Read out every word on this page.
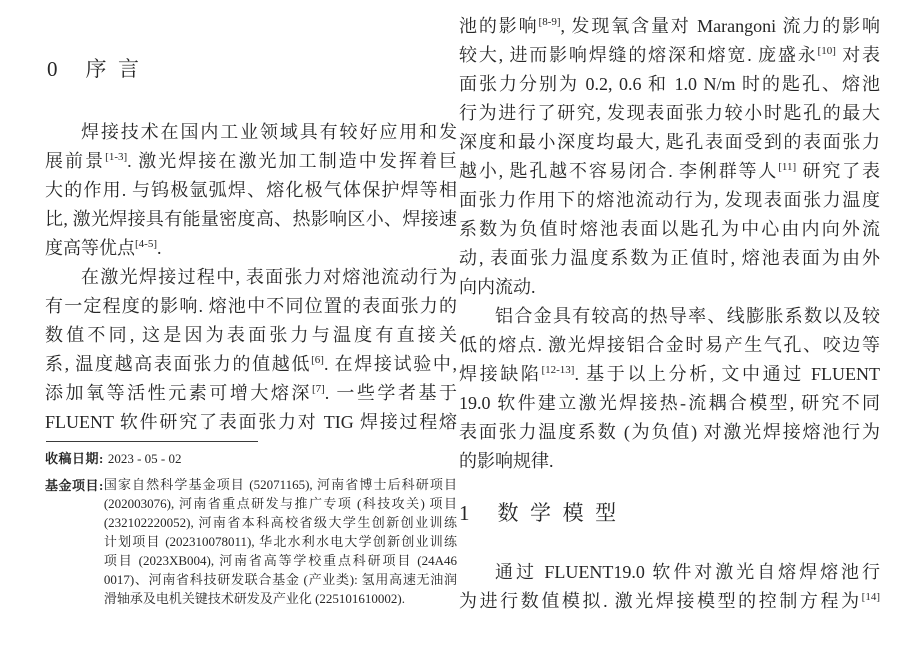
0 序言
焊接技术在国内工业领域具有较好应用和发
展前景[1-3]. 激光焊接在激光加工制造中发挥着巨
大的作用. 与钨极氩弧焊、熔化极气体保护焊等相
比, 激光焊接具有能量密度高、热影响区小、焊接速
度高等优点[4-5].
在激光焊接过程中, 表面张力对熔池流动行为
有一定程度的影响. 熔池中不同位置的表面张力的
数值不同, 这是因为表面张力与温度有直接关
系, 温度越高表面张力的值越低[6]. 在焊接试验中,
添加氧等活性元素可增大熔深[7]. 一些学者基于
FLUENT 软件研究了表面张力对 TIG 焊接过程熔
池的影响[8-9], 发现氧含量对 Marangoni 流力的影响
较大, 进而影响焊缝的熔深和熔宽. 庞盛永[10] 对表
面张力分别为 0.2, 0.6 和 1.0 N/m 时的匙孔、熔池
行为进行了研究, 发现表面张力较小时匙孔的最大
深度和最小深度均最大, 匙孔表面受到的表面张力
越小, 匙孔越不容易闭合. 李俐群等人[11] 研究了表
面张力作用下的熔池流动行为, 发现表面张力温度
系数为负值时熔池表面以匙孔为中心由内向外流
动, 表面张力温度系数为正值时, 熔池表面为由外
向内流动.
铝合金具有较高的热导率、线膨胀系数以及较
低的熔点. 激光焊接铝合金时易产生气孔、咬边等
焊接缺陷[12-13]. 基于以上分析, 文中通过 FLUENT
19.0 软件建立激光焊接热-流耦合模型, 研究不同
表面张力温度系数 (为负值) 对激光焊接熔池行为
的影响规律.
1 数学模型
通过 FLUENT19.0 软件对激光自熔焊熔池行
为进行数值模拟. 激光焊接模型的控制方程为[14]
收稿日期: 2023 - 05 - 02
基金项目: 国家自然科学基金项目 (52071165), 河南省博士后科研项目
(202003076), 河南省重点研发与推广专项 (科技攻关) 项目
(232102220052), 河南省本科高校省级大学生创新创业训练
计划项目 (202310078011), 华北水利水电大学创新创业训练
项目 (2023XB004), 河南省高等学校重点科研项目 (24A46
0017)、河南省科技研发联合基金 (产业类): 氢用高速无油润
滑轴承及电机关键技术研发及产业化 (225101610002).
